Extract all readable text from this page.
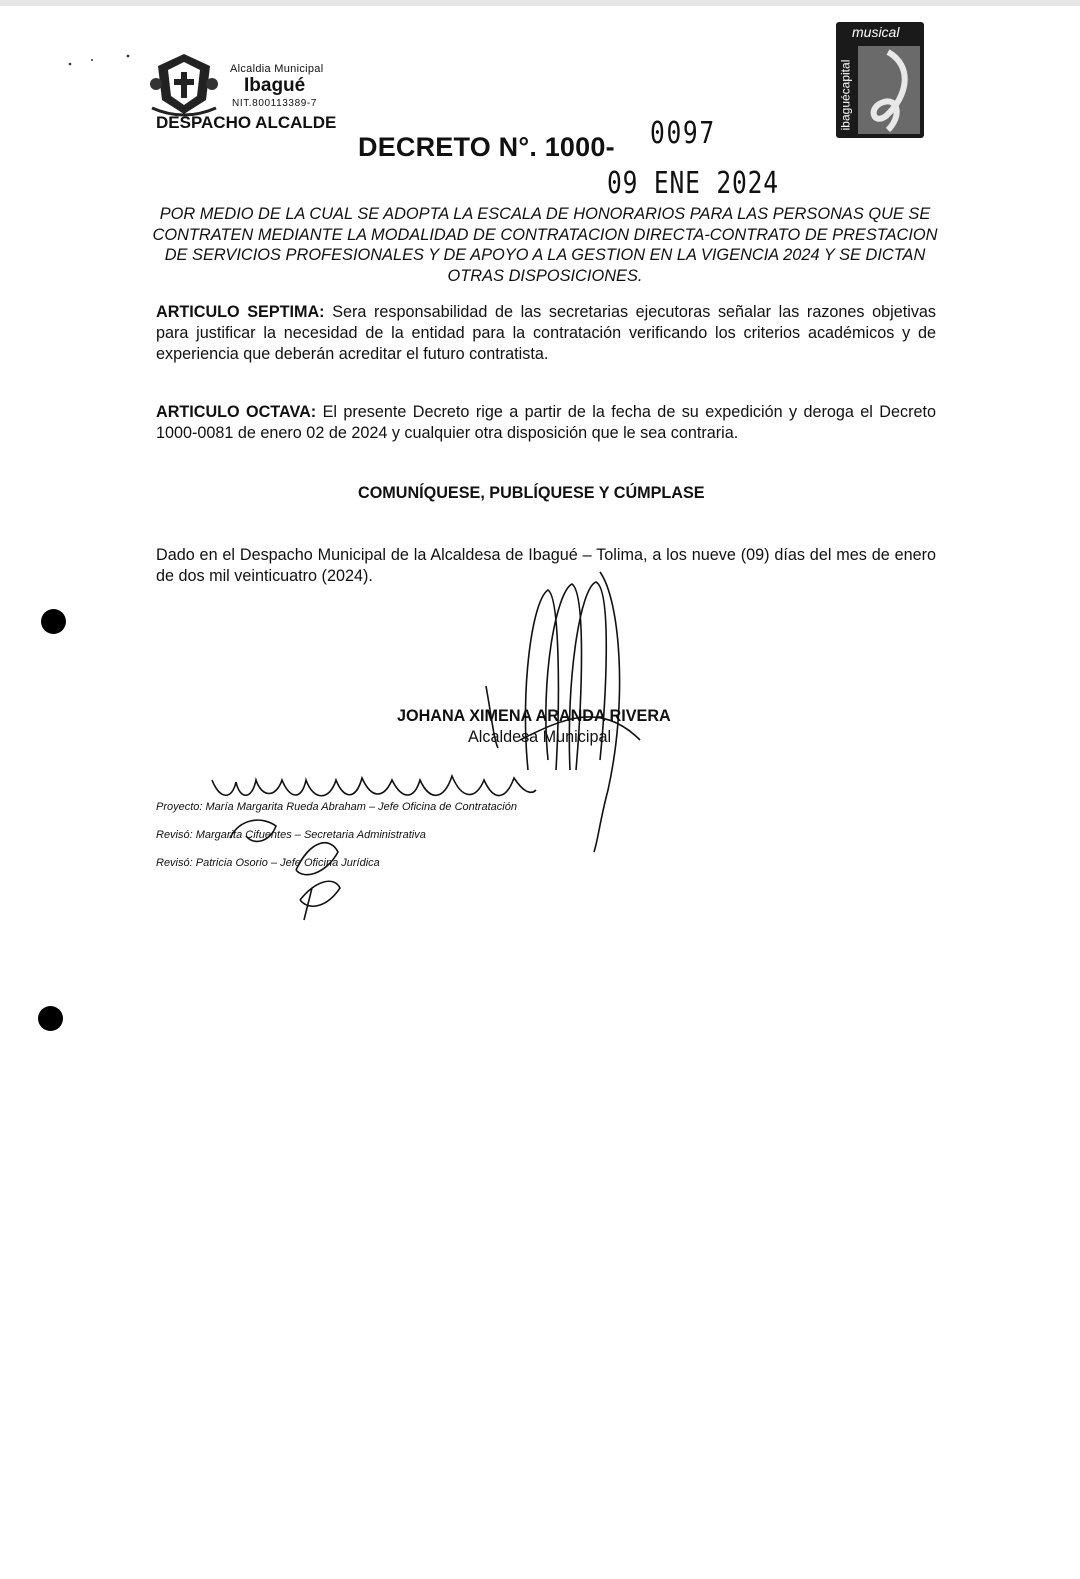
Alcaldia Municipal
Ibagué
NIT.800113389-7
DESPACHO ALCALDE
musical
ibaguécapital
DECRETO N°. 1000- 0097
09 ENE 2024
POR MEDIO DE LA CUAL SE ADOPTA LA ESCALA DE HONORARIOS PARA LAS PERSONAS QUE SE CONTRATEN MEDIANTE LA MODALIDAD DE CONTRATACION DIRECTA-CONTRATO DE PRESTACION DE SERVICIOS PROFESIONALES Y DE APOYO A LA GESTION EN LA VIGENCIA 2024 Y SE DICTAN OTRAS DISPOSICIONES.
ARTICULO SEPTIMA: Sera responsabilidad de las secretarias ejecutoras señalar las razones objetivas para justificar la necesidad de la entidad para la contratación verificando los criterios académicos y de experiencia que deberán acreditar el futuro contratista.
ARTICULO OCTAVA: El presente Decreto rige a partir de la fecha de su expedición y deroga el Decreto 1000-0081 de enero 02 de 2024 y cualquier otra disposición que le sea contraria.
COMUNÍQUESE, PUBLÍQUESE Y CÚMPLASE
Dado en el Despacho Municipal de la Alcaldesa de Ibagué – Tolima, a los nueve (09) días del mes de enero de dos mil veinticuatro (2024).
JOHANA XIMENA ARANDA RIVERA
Alcaldesa Municipal
Proyecto: María Margarita Rueda Abraham – Jefe Oficina de Contratación
Revisó: Margarita Cifuentes – Secretaria Administrativa
Revisó: Patricia Osorio – Jefe Oficina Jurídica
